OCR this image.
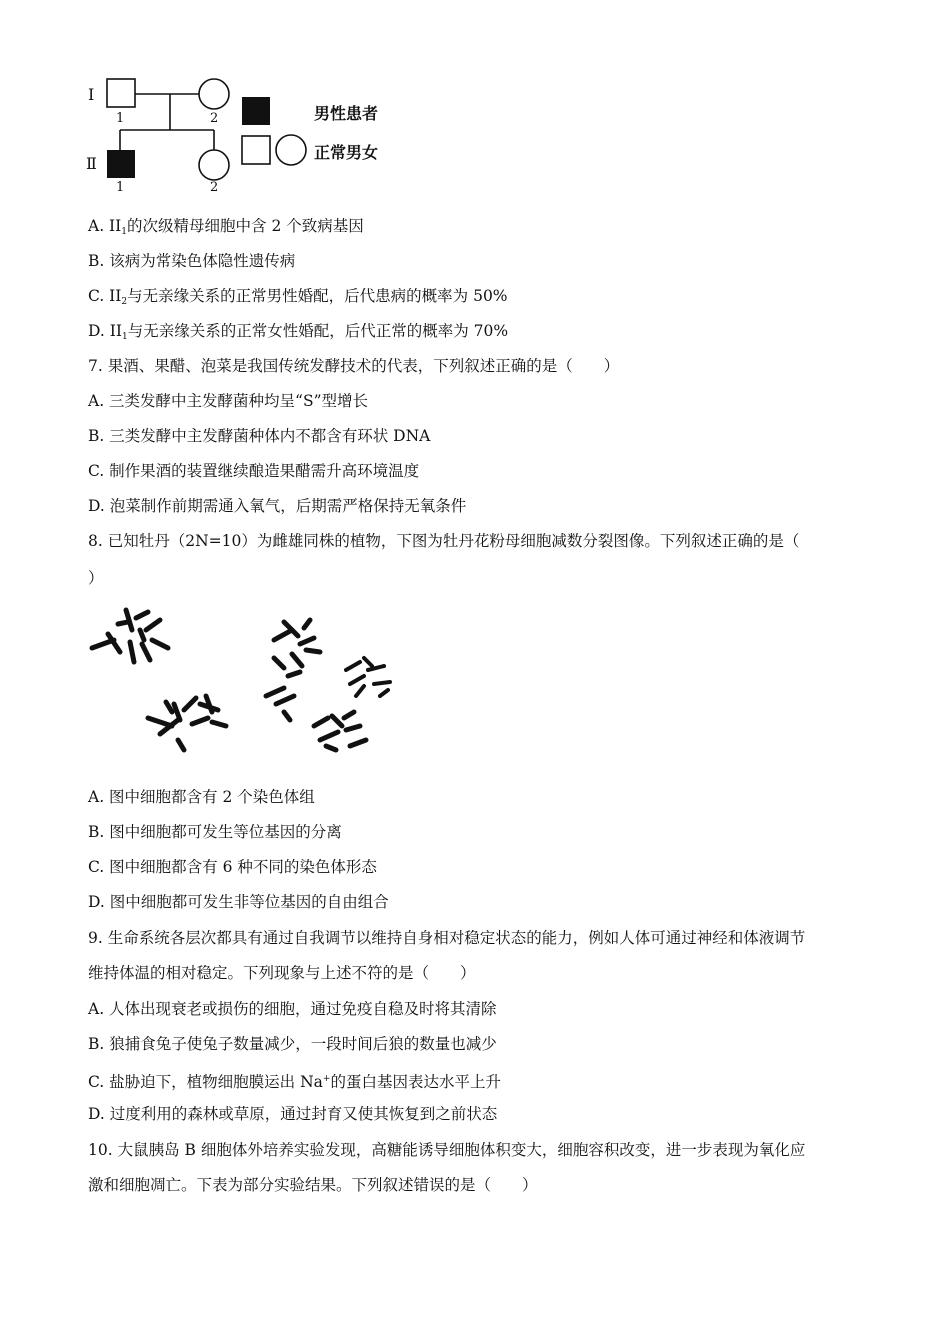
Ⅰ
Ⅱ
1	2
1	2
男性患者
正常男女
A. $II_1$的次级精母细胞中含 2 个致病基因
B. 该病为常染色体隐性遗传病
C. $II_2$与无亲缘关系的正常男性婚配，后代患病的概率为 50%
D. $II_1$与无亲缘关系的正常女性婚配，后代正常的概率为 70%
7. 果酒、果醋、泡菜是我国传统发酵技术的代表，下列叙述正确的是（　　）
A. 三类发酵中主发酵菌种均呈“S”型增长
B. 三类发酵中主发酵菌种体内不都含有环状 DNA
C. 制作果酒的装置继续酿造果醋需升高环境温度
D. 泡菜制作前期需通入氧气，后期需严格保持无氧条件
8. 已知牡丹（2N=10）为雌雄同株的植物，下图为牡丹花粉母细胞减数分裂图像。下列叙述正确的是（
）
A. 图中细胞都含有 2 个染色体组
B. 图中细胞都可发生等位基因的分离
C. 图中细胞都含有 6 种不同的染色体形态
D. 图中细胞都可发生非等位基因的自由组合
9. 生命系统各层次都具有通过自我调节以维持自身相对稳定状态的能力，例如人体可通过神经和体液调节
维持体温的相对稳定。下列现象与上述不符的是（　　）
A. 人体出现衰老或损伤的细胞，通过免疫自稳及时将其清除
B. 狼捕食兔子使兔子数量减少，一段时间后狼的数量也减少
C. 盐胁迫下，植物细胞膜运出 Na+的蛋白基因表达水平上升
D. 过度利用的森林或草原，通过封育又使其恢复到之前状态
10. 大鼠胰岛 B 细胞体外培养实验发现，高糖能诱导细胞体积变大，细胞容积改变，进一步表现为氧化应
激和细胞凋亡。下表为部分实验结果。下列叙述错误的是（　　）
